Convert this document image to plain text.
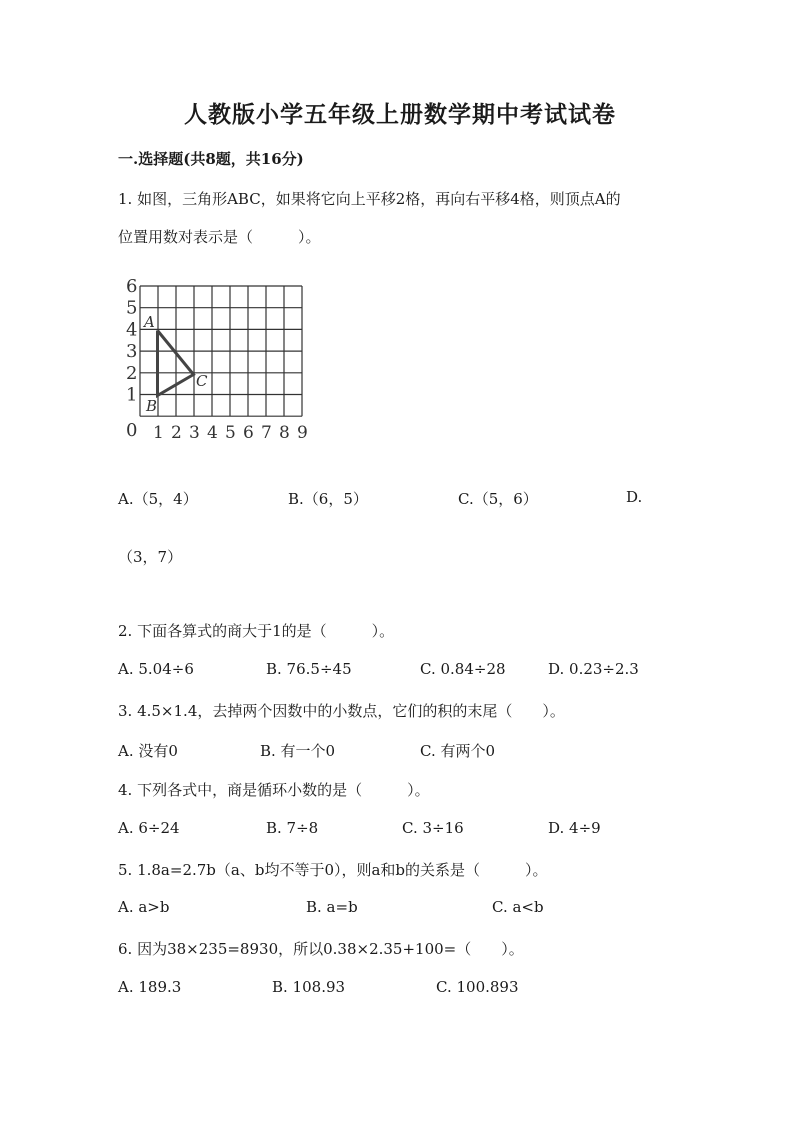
人教版小学五年级上册数学期中考试试卷
一.选择题(共8题，共16分)
1. 如图，三角形ABC，如果将它向上平移2格，再向右平移4格，则顶点A的
位置用数对表示是（　　　）。
0
1
2
3
4
5
6
1 2 3 4 5 6 7 8 9
A
B
C
A.（5，4）	B.（6，5）	C.（5，6）	D.
（3，7）
2. 下面各算式的商大于1的是（　　　）。
A. 5.04÷6	B. 76.5÷45	C. 0.84÷28	D. 0.23÷2.3
3. 4.5×1.4，去掉两个因数中的小数点，它们的积的末尾（　　）。
A. 没有0	B. 有一个0	C. 有两个0
4. 下列各式中，商是循环小数的是（　　　）。
A. 6÷24	B. 7÷8	C. 3÷16	D. 4÷9
5. 1.8a=2.7b（a、b均不等于0），则a和b的关系是（　　　）。
A. a>b	B. a=b	C. a<b
6. 因为38×235=8930，所以0.38×2.35+100=（　　）。
A. 189.3	B. 108.93	C. 100.893
